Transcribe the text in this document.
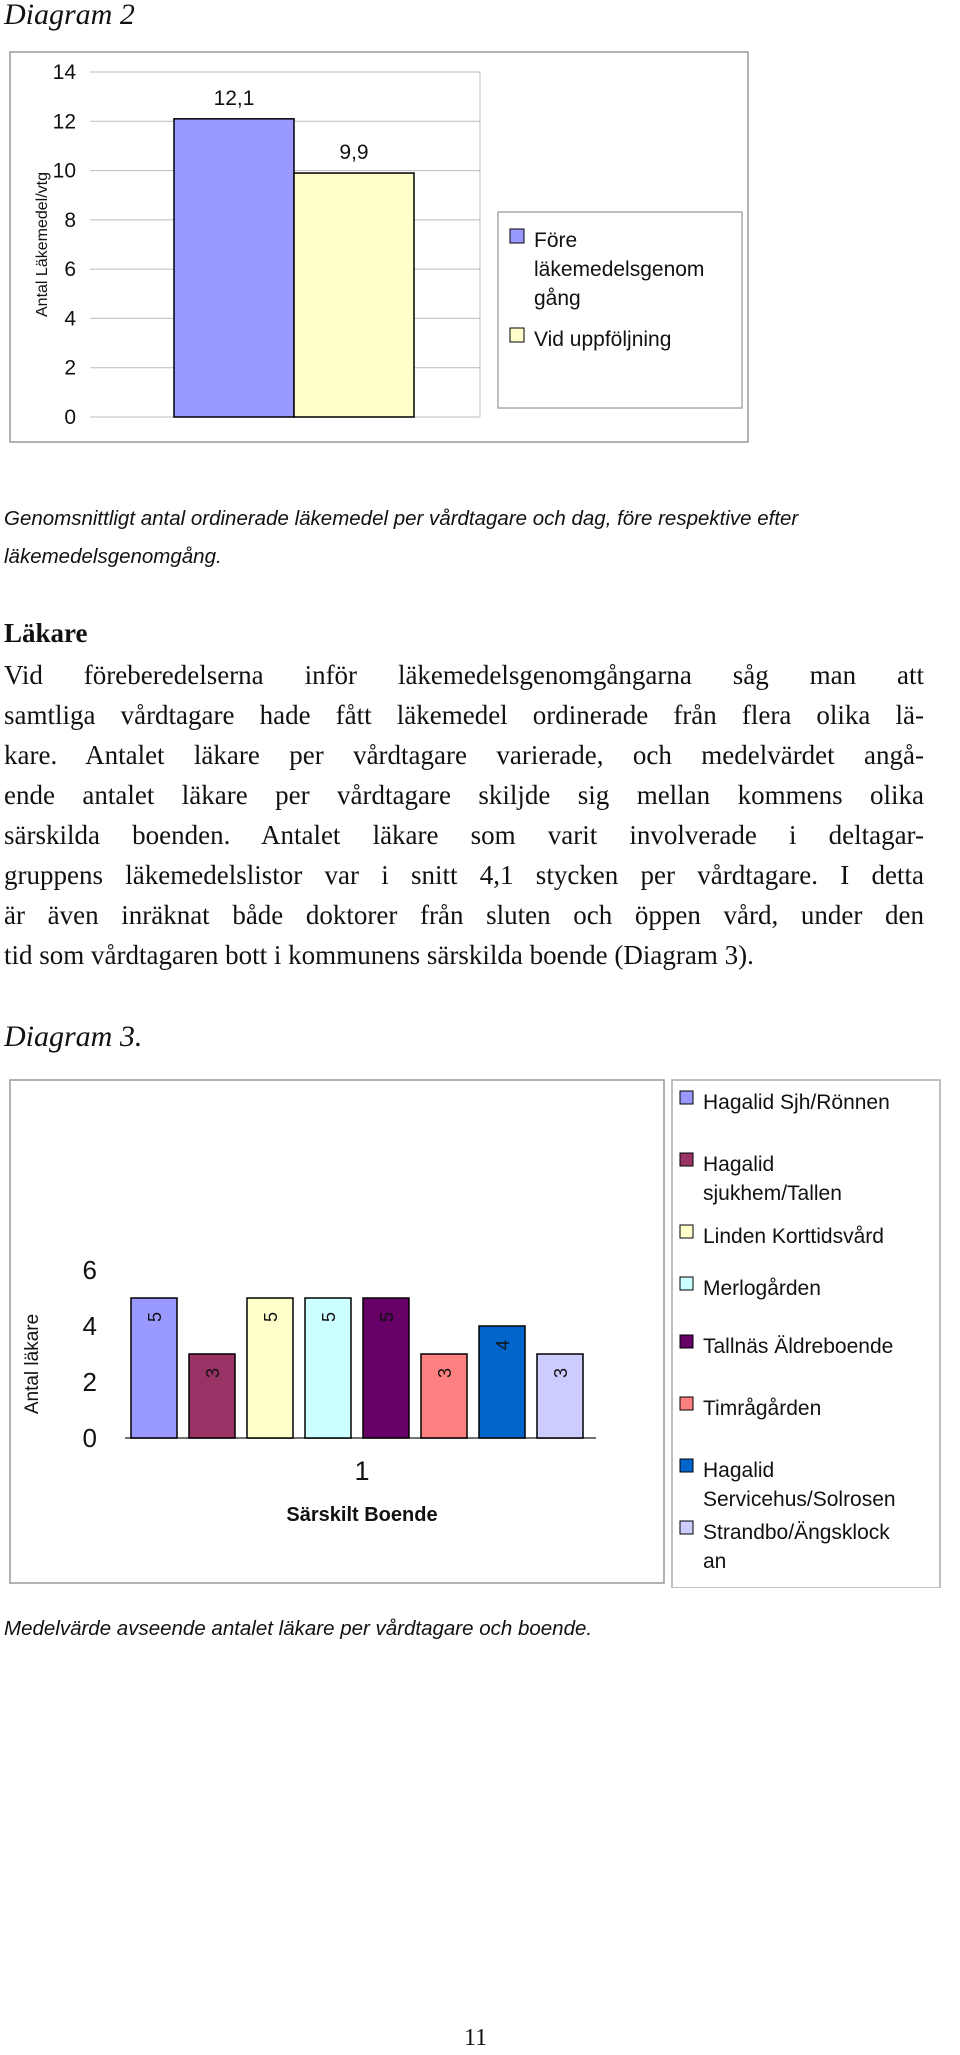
Diagram 2
0
2
4
6
8
10
12
14
Antal Läkemedel/vtg
12,1
9,9
Före
läkemedelsgenom
gång
Vid uppföljning
Genomsnittligt antal ordinerade läkemedel per vårdtagare och dag, före respektive efter läkemedelsgenomgång.
Läkare
Vid föreberedelserna inför läkemedelsgenomgångarna såg man att
samtliga vårdtagare hade fått läkemedel ordinerade från flera olika lä-
kare. Antalet läkare per vårdtagare varierade, och medelvärdet angå-
ende antalet läkare per vårdtagare skiljde sig mellan kommens olika
särskilda boenden. Antalet läkare som varit involverade i deltagar-
gruppens läkemedelslistor var i snitt 4,1 stycken per vårdtagare. I detta
är även inräknat både doktorer från sluten och öppen vård, under den
tid som vårdtagaren bott i kommunens särskilda boende (Diagram 3).
Diagram 3.
0
2
4
6
Antal läkare	5
3
5 5 5
3
4
3
1
Särskilt Boende
Hagalid Sjh/Rönnen
Hagalid
sjukhem/Tallen
Linden Korttidsvård
Merlogården
Tallnäs Äldreboende
Timrågården
Hagalid
Servicehus/Solrosen
Strandbo/Ängsklock
an
Medelvärde avseende antalet läkare per vårdtagare och boende.
11
